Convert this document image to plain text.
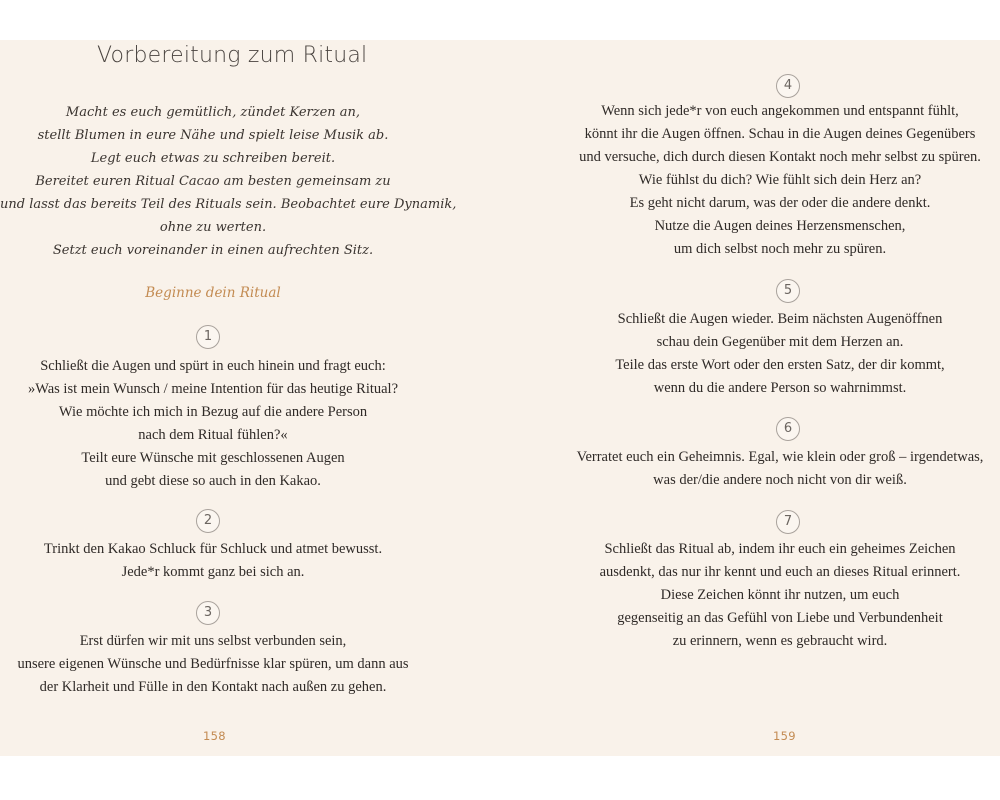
Vorbereitung zum Ritual
Macht es euch gemütlich, zündet Kerzen an,
stellt Blumen in eure Nähe und spielt leise Musik ab.
Legt euch etwas zu schreiben bereit.
Bereitet euren Ritual Cacao am besten gemeinsam zu
und lasst das bereits Teil des Rituals sein. Beobachtet eure Dynamik,
ohne zu werten.
Setzt euch voreinander in einen aufrechten Sitz.
Beginne dein Ritual
1
Schließt die Augen und spürt in euch hinein und fragt euch:
»Was ist mein Wunsch / meine Intention für das heutige Ritual?
Wie möchte ich mich in Bezug auf die andere Person
nach dem Ritual fühlen?«
Teilt eure Wünsche mit geschlossenen Augen
und gebt diese so auch in den Kakao.
2
Trinkt den Kakao Schluck für Schluck und atmet bewusst.
Jede*r kommt ganz bei sich an.
3
Erst dürfen wir mit uns selbst verbunden sein,
unsere eigenen Wünsche und Bedürfnisse klar spüren, um dann aus
der Klarheit und Fülle in den Kontakt nach außen zu gehen.
158
4
Wenn sich jede*r von euch angekommen und entspannt fühlt,
könnt ihr die Augen öffnen. Schau in die Augen deines Gegenübers
und versuche, dich durch diesen Kontakt noch mehr selbst zu spüren.
Wie fühlst du dich? Wie fühlt sich dein Herz an?
Es geht nicht darum, was der oder die andere denkt.
Nutze die Augen deines Herzensmenschen,
um dich selbst noch mehr zu spüren.
5
Schließt die Augen wieder. Beim nächsten Augenöffnen
schau dein Gegenüber mit dem Herzen an.
Teile das erste Wort oder den ersten Satz, der dir kommt,
wenn du die andere Person so wahrnimmst.
6
Verratet euch ein Geheimnis. Egal, wie klein oder groß – irgendetwas,
was der/die andere noch nicht von dir weiß.
7
Schließt das Ritual ab, indem ihr euch ein geheimes Zeichen
ausdenkt, das nur ihr kennt und euch an dieses Ritual erinnert.
Diese Zeichen könnt ihr nutzen, um euch
gegenseitig an das Gefühl von Liebe und Verbundenheit
zu erinnern, wenn es gebraucht wird.
159
